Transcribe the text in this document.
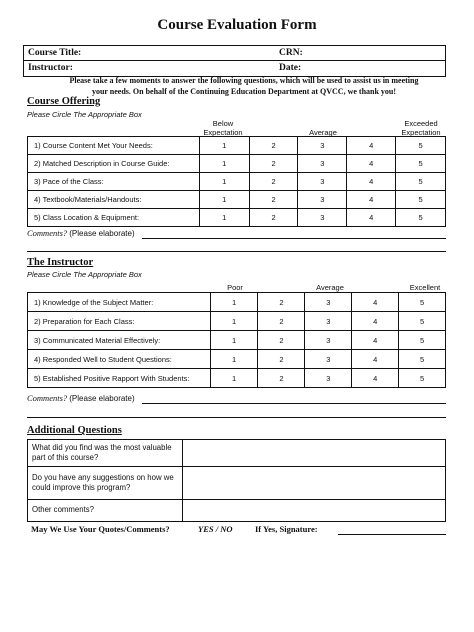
Course Evaluation Form
Course Title:	CRN:
Instructor:	Date:
Please take a few moments to answer the following questions, which will be used to assist us in meeting
your needs. On behalf of the Continuing Education Department at QVCC, we thank you!
Course Offering
Please Circle The Appropriate Box
Below
Expectation	Average
Exceeded
Expectation
1) Course Content Met Your Needs:	1	2	3	4	5
2) Matched Description in Course Guide:	1	2	3	4	5
3) Pace of the Class:	1	2	3	4	5
4) Textbook/Materials/Handouts:	1	2	3	4	5
5) Class Location & Equipment:	1	2	3	4	5
Comments? (Please elaborate)
The Instructor
Please Circle The Appropriate Box
Poor	Average	Excellent
1) Knowledge of the Subject Matter:	1	2	3	4	5
2) Preparation for Each Class:	1	2	3	4	5
3) Communicated Material Effectively:	1	2	3	4	5
4) Responded Well to Student Questions:	1	2	3	4	5
5) Established Positive Rapport With Students:	1	2	3	4	5
Comments? (Please elaborate)
Additional Questions
What did you find was the most valuable part of this course?	
Do you have any suggestions on how we could improve this program?	
Other comments?	
May We Use Your Quotes/Comments?	YES / NO	If Yes, Signature:
